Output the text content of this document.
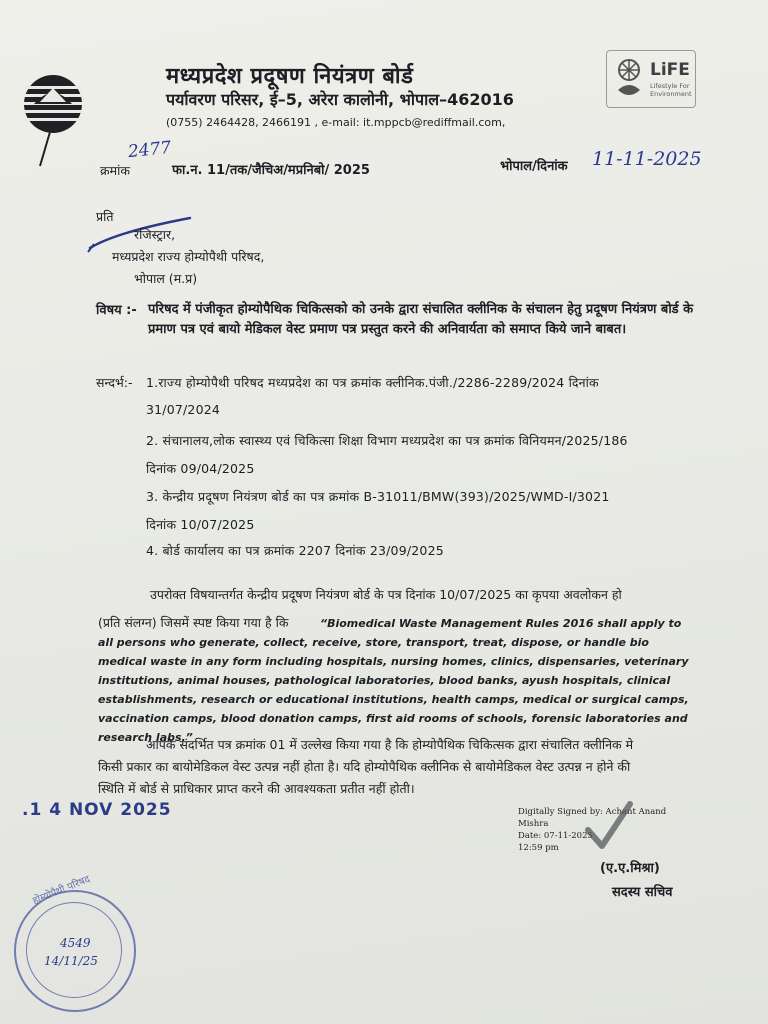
मध्यप्रदेश प्रदूषण नियंत्रण बोर्ड
पर्यावरण परिसर, ई–5, अरेरा कालोनी, भोपाल–462016
(0755) 2464428, 2466191 , e-mail: it.mppcb@rediffmail.com,
LiFE
Lifestyle For Environment
क्रमांक
2477
फा.न. 11/तक/जैचिअ/मप्रनिबो/ 2025	भोपाल/दिनांक 11-11-2025
प्रति
रजिस्ट्रार,
मध्यप्रदेश राज्य होम्योपैथी परिषद,
भोपाल (म.प्र)
विषय :- परिषद में पंजीकृत होम्योपैथिक चिकित्सको को उनके द्वारा संचालित क्लीनिक के संचालन हेतु प्रदूषण नियंत्रण बोर्ड के प्रमाण पत्र एवं बायो मेडिकल वेस्ट प्रमाण पत्र प्रस्तुत करने की अनिवार्यता को समाप्त किये जाने बाबत।
सन्दर्भ:- 1.राज्य होम्योपैथी परिषद मध्यप्रदेश का पत्र क्रमांक क्लीनिक.पंजी./2286-2289/2024 दिनांक
31/07/2024
2. संचानालय,लोक स्वास्थ्य एवं चिकित्सा शिक्षा विभाग मध्यप्रदेश का पत्र क्रमांक विनियमन/2025/186
दिनांक 09/04/2025
3. केन्द्रीय प्रदूषण नियंत्रण बोर्ड का पत्र क्रमांक B-31011/BMW(393)/2025/WMD-I/3021
दिनांक 10/07/2025
4. बोर्ड कार्यालय का पत्र क्रमांक 2207 दिनांक 23/09/2025
उपरोक्त विषयान्तर्गत केन्द्रीय प्रदूषण नियंत्रण बोर्ड के पत्र दिनांक 10/07/2025 का कृपया अवलोकन हो
(प्रति संलग्न) जिसमें स्पष्ट किया गया है कि	“Biomedical Waste Management Rules 2016 shall apply to all persons who generate, collect, receive, store, transport, treat, dispose, or handle bio medical waste in any form including hospitals, nursing homes, clinics, dispensaries, veterinary institutions, animal houses, pathological laboratories, blood banks, ayush hospitals, clinical establishments, research or educational institutions, health camps, medical or surgical camps, vaccination camps, blood donation camps, first aid rooms of schools, forensic laboratories and research labs.”
आपके संदर्भित पत्र क्रमांक 01 में उल्लेख किया गया है कि होम्योपैथिक चिकित्सक द्वारा संचालित क्लीनिक मे
किसी प्रकार का बायोमेडिकल वेस्ट उत्पन्न नहीं होता है। यदि होम्योपैथिक क्लीनिक से बायोमेडिकल वेस्ट उत्पन्न न होने की
स्थिति में बोर्ड से प्राधिकार प्राप्त करने की आवश्यकता प्रतीत नहीं होती।
.1 4 NOV 2025	Digitally Signed by: Achant Anand
Mishra
Date: 07-11-2025
12:59 pm
(ए.ए.मिश्रा)
सदस्य सचिव
होम्योपैथी परिषद
4549
14/11/25
